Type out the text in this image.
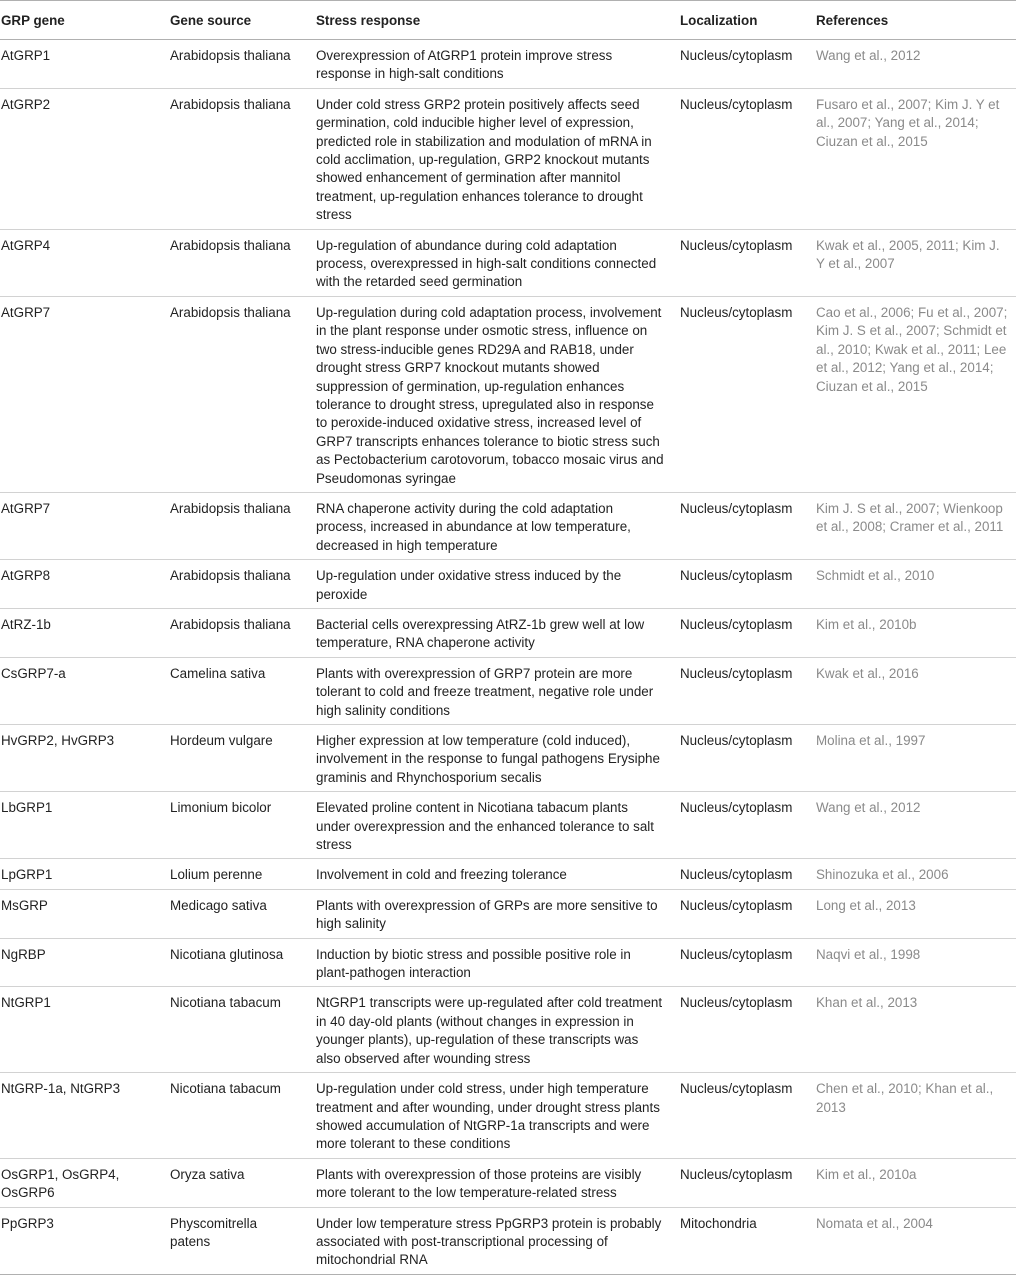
GRP gene	Gene source	Stress response	Localization	References
AtGRP1	Arabidopsis thaliana	Overexpression of AtGRP1 protein improve stress response in high-salt conditions	Nucleus/cytoplasm	Wang et al., 2012
AtGRP2	Arabidopsis thaliana	Under cold stress GRP2 protein positively affects seed germination, cold inducible higher level of expression, predicted role in stabilization and modulation of mRNA in cold acclimation, up-regulation, GRP2 knockout mutants showed enhancement of germination after mannitol treatment, up-regulation enhances tolerance to drought stress	Nucleus/cytoplasm	Fusaro et al., 2007; Kim J. Y et al., 2007; Yang et al., 2014; Ciuzan et al., 2015
AtGRP4	Arabidopsis thaliana	Up-regulation of abundance during cold adaptation process, overexpressed in high-salt conditions connected with the retarded seed germination	Nucleus/cytoplasm	Kwak et al., 2005, 2011; Kim J. Y et al., 2007
AtGRP7	Arabidopsis thaliana	Up-regulation during cold adaptation process, involvement in the plant response under osmotic stress, influence on two stress-inducible genes RD29A and RAB18, under drought stress GRP7 knockout mutants showed suppression of germination, up-regulation enhances tolerance to drought stress, upregulated also in response to peroxide-induced oxidative stress, increased level of GRP7 transcripts enhances tolerance to biotic stress such as Pectobacterium carotovorum, tobacco mosaic virus and Pseudomonas syringae	Nucleus/cytoplasm	Cao et al., 2006; Fu et al., 2007; Kim J. S et al., 2007; Schmidt et al., 2010; Kwak et al., 2011; Lee et al., 2012; Yang et al., 2014; Ciuzan et al., 2015
AtGRP7	Arabidopsis thaliana	RNA chaperone activity during the cold adaptation process, increased in abundance at low temperature, decreased in high temperature	Nucleus/cytoplasm	Kim J. S et al., 2007; Wienkoop et al., 2008; Cramer et al., 2011
AtGRP8	Arabidopsis thaliana	Up-regulation under oxidative stress induced by the peroxide	Nucleus/cytoplasm	Schmidt et al., 2010
AtRZ-1b	Arabidopsis thaliana	Bacterial cells overexpressing AtRZ-1b grew well at low temperature, RNA chaperone activity	Nucleus/cytoplasm	Kim et al., 2010b
CsGRP7-a	Camelina sativa	Plants with overexpression of GRP7 protein are more tolerant to cold and freeze treatment, negative role under high salinity conditions	Nucleus/cytoplasm	Kwak et al., 2016
HvGRP2, HvGRP3	Hordeum vulgare	Higher expression at low temperature (cold induced), involvement in the response to fungal pathogens Erysiphe graminis and Rhynchosporium secalis	Nucleus/cytoplasm	Molina et al., 1997
LbGRP1	Limonium bicolor	Elevated proline content in Nicotiana tabacum plants under overexpression and the enhanced tolerance to salt stress	Nucleus/cytoplasm	Wang et al., 2012
LpGRP1	Lolium perenne	Involvement in cold and freezing tolerance	Nucleus/cytoplasm	Shinozuka et al., 2006
MsGRP	Medicago sativa	Plants with overexpression of GRPs are more sensitive to high salinity	Nucleus/cytoplasm	Long et al., 2013
NgRBP	Nicotiana glutinosa	Induction by biotic stress and possible positive role in plant-pathogen interaction	Nucleus/cytoplasm	Naqvi et al., 1998
NtGRP1	Nicotiana tabacum	NtGRP1 transcripts were up-regulated after cold treatment in 40 day-old plants (without changes in expression in younger plants), up-regulation of these transcripts was also observed after wounding stress	Nucleus/cytoplasm	Khan et al., 2013
NtGRP-1a, NtGRP3	Nicotiana tabacum	Up-regulation under cold stress, under high temperature treatment and after wounding, under drought stress plants showed accumulation of NtGRP-1a transcripts and were more tolerant to these conditions	Nucleus/cytoplasm	Chen et al., 2010; Khan et al., 2013
OsGRP1, OsGRP4, OsGRP6	Oryza sativa	Plants with overexpression of those proteins are visibly more tolerant to the low temperature-related stress	Nucleus/cytoplasm	Kim et al., 2010a
PpGRP3	Physcomitrella patens	Under low temperature stress PpGRP3 protein is probably associated with post-transcriptional processing of mitochondrial RNA	Mitochondria	Nomata et al., 2004
